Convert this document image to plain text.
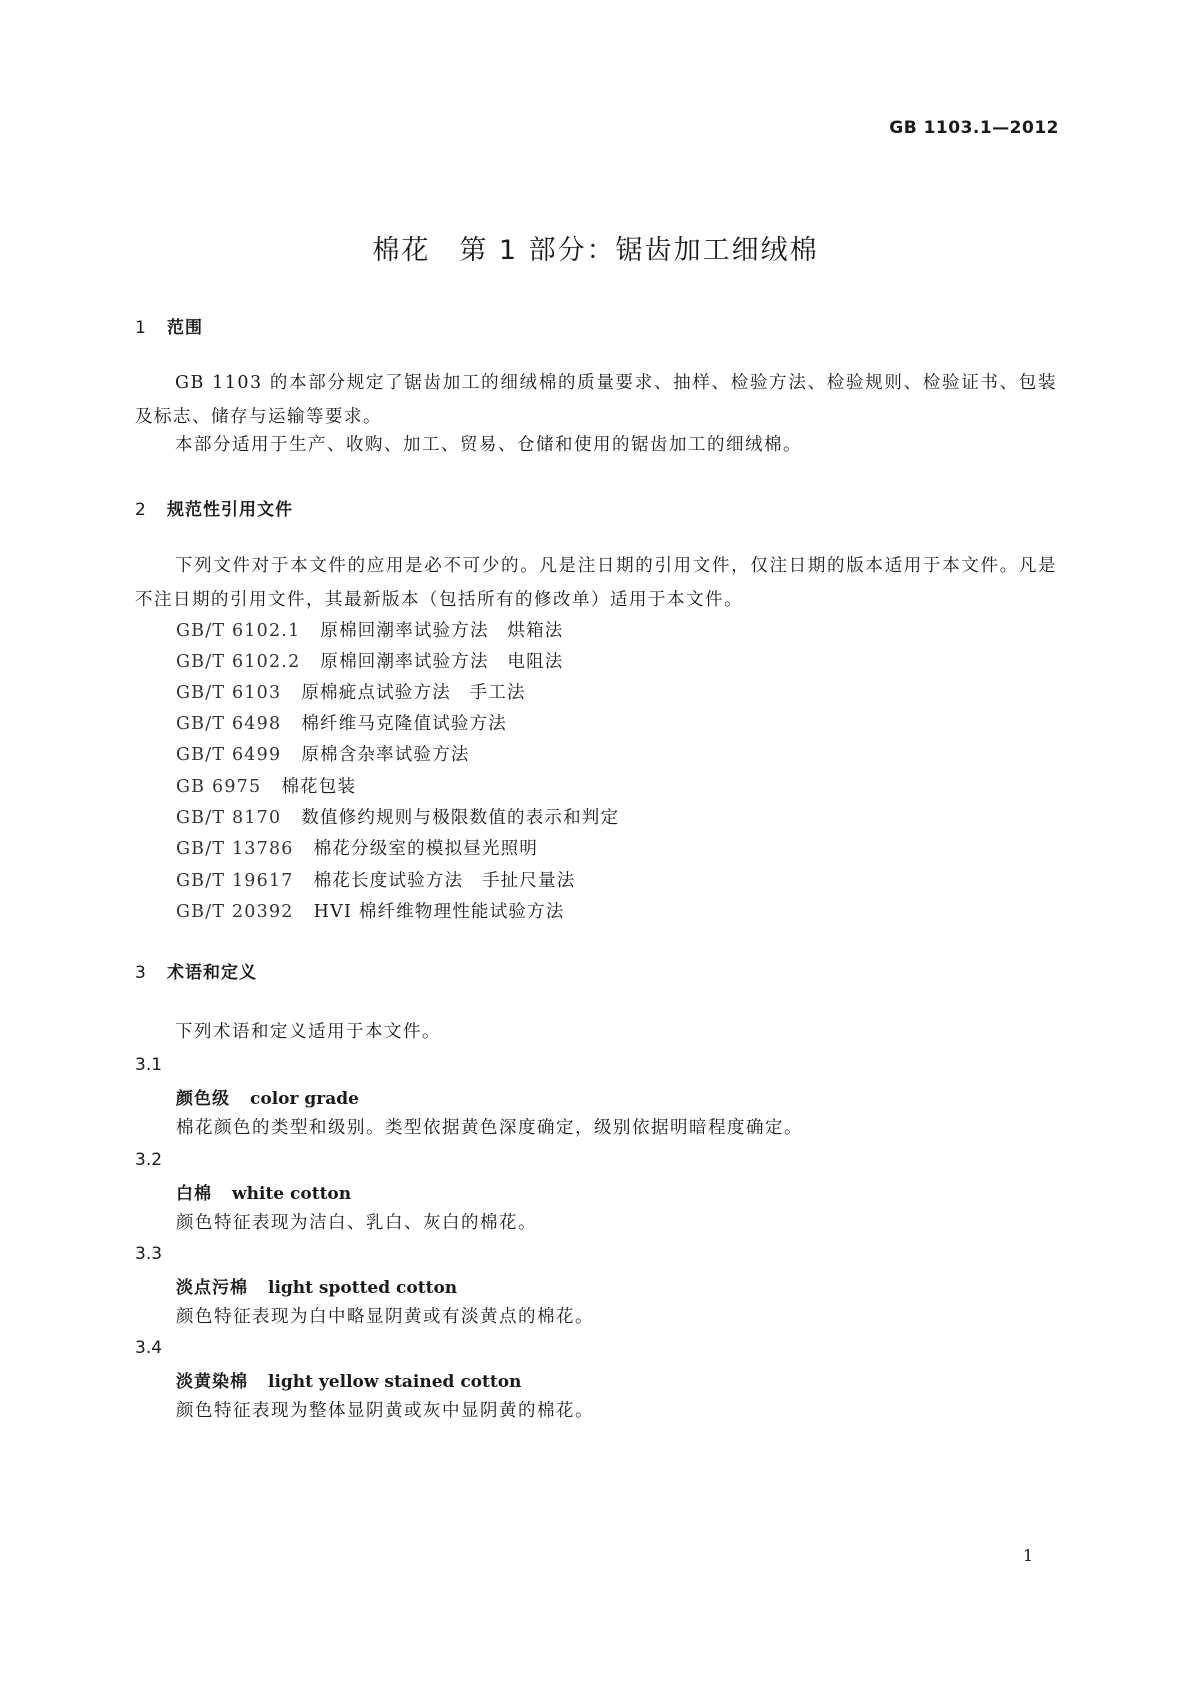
GB 1103.1—2012
棉花　第 1 部分：锯齿加工细绒棉
1 范围
GB 1103 的本部分规定了锯齿加工的细绒棉的质量要求、抽样、检验方法、检验规则、检验证书、包装及标志、储存与运输等要求。
本部分适用于生产、收购、加工、贸易、仓储和使用的锯齿加工的细绒棉。
2 规范性引用文件
下列文件对于本文件的应用是必不可少的。凡是注日期的引用文件，仅注日期的版本适用于本文件。凡是不注日期的引用文件，其最新版本（包括所有的修改单）适用于本文件。
GB/T 6102.1 原棉回潮率试验方法　烘箱法
GB/T 6102.2 原棉回潮率试验方法　电阻法
GB/T 6103 原棉疵点试验方法　手工法
GB/T 6498 棉纤维马克隆值试验方法
GB/T 6499 原棉含杂率试验方法
GB 6975 棉花包装
GB/T 8170 数值修约规则与极限数值的表示和判定
GB/T 13786 棉花分级室的模拟昼光照明
GB/T 19617 棉花长度试验方法　手扯尺量法
GB/T 20392 HVI 棉纤维物理性能试验方法
3 术语和定义
下列术语和定义适用于本文件。
3.1
颜色级 color grade
棉花颜色的类型和级别。类型依据黄色深度确定，级别依据明暗程度确定。
3.2
白棉 white cotton
颜色特征表现为洁白、乳白、灰白的棉花。
3.3
淡点污棉 light spotted cotton
颜色特征表现为白中略显阴黄或有淡黄点的棉花。
3.4
淡黄染棉 light yellow stained cotton
颜色特征表现为整体显阴黄或灰中显阴黄的棉花。
1
